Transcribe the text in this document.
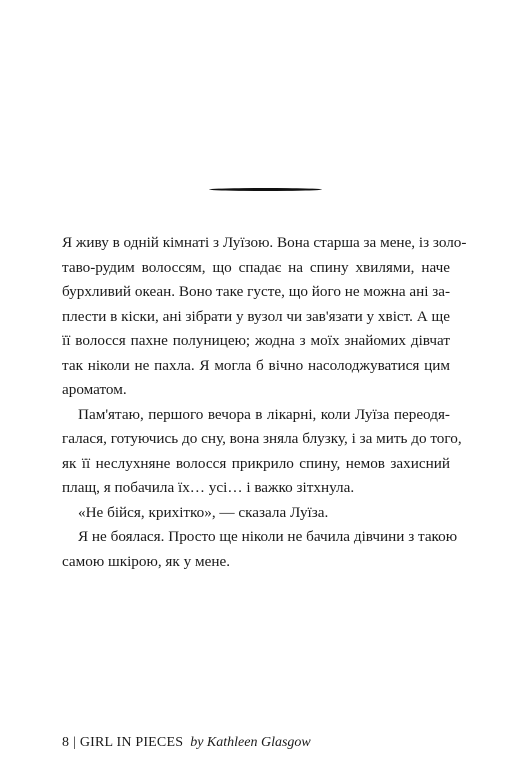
Я живу в одній кімнаті з Луїзою. Вона старша за мене, із золо-
таво-рудим волоссям, що спадає на спину хвилями, наче
бурхливий океан. Воно таке густе, що його не можна ані за-
плести в кіски, ані зібрати у вузол чи зав'язати у хвіст. А ще
її волосся пахне полуницею; жодна з моїх знайомих дівчат
так ніколи не пахла. Я могла б вічно насолоджуватися цим
ароматом.
Пам'ятаю, першого вечора в лікарні, коли Луїза переодя-
галася, готуючись до сну, вона зняла блузку, і за мить до того,
як її неслухняне волосся прикрило спину, немов захисний
плащ, я побачила їх… усі… і важко зітхнула.
«Не бійся, крихітко», — сказала Луїза.
Я не боялася. Просто ще ніколи не бачила дівчини з такою
самою шкірою, як у мене.
8 | GIRL IN PIECES by Kathleen Glasgow
